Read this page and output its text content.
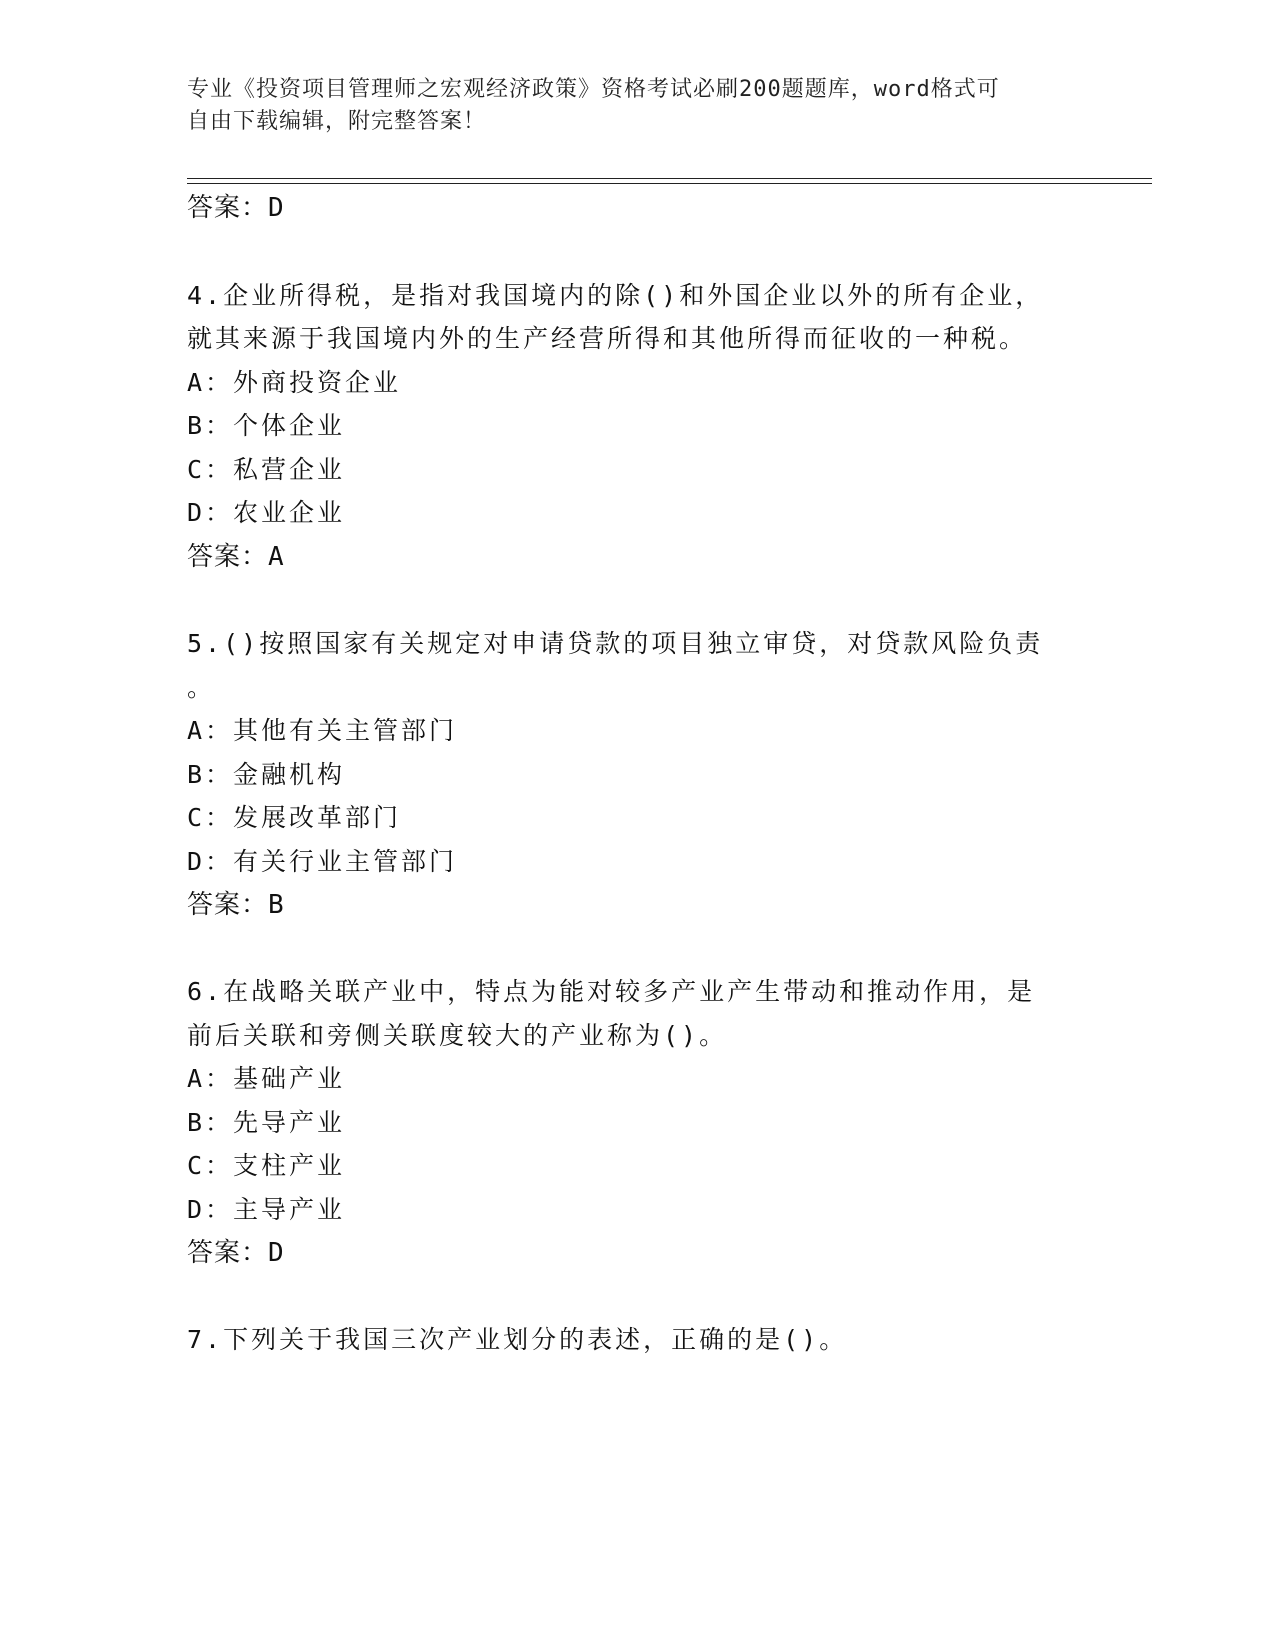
专业《投资项目管理师之宏观经济政策》资格考试必刷200题题库，word格式可
自由下载编辑，附完整答案！
答案：D
4.企业所得税，是指对我国境内的除()和外国企业以外的所有企业，
就其来源于我国境内外的生产经营所得和其他所得而征收的一种税。
A：外商投资企业
B：个体企业
C：私营企业
D：农业企业
答案：A
5.()按照国家有关规定对申请贷款的项目独立审贷，对贷款风险负责
。
A：其他有关主管部门
B：金融机构
C：发展改革部门
D：有关行业主管部门
答案：B
6.在战略关联产业中，特点为能对较多产业产生带动和推动作用，是
前后关联和旁侧关联度较大的产业称为()。
A：基础产业
B：先导产业
C：支柱产业
D：主导产业
答案：D
7.下列关于我国三次产业划分的表述，正确的是()。
